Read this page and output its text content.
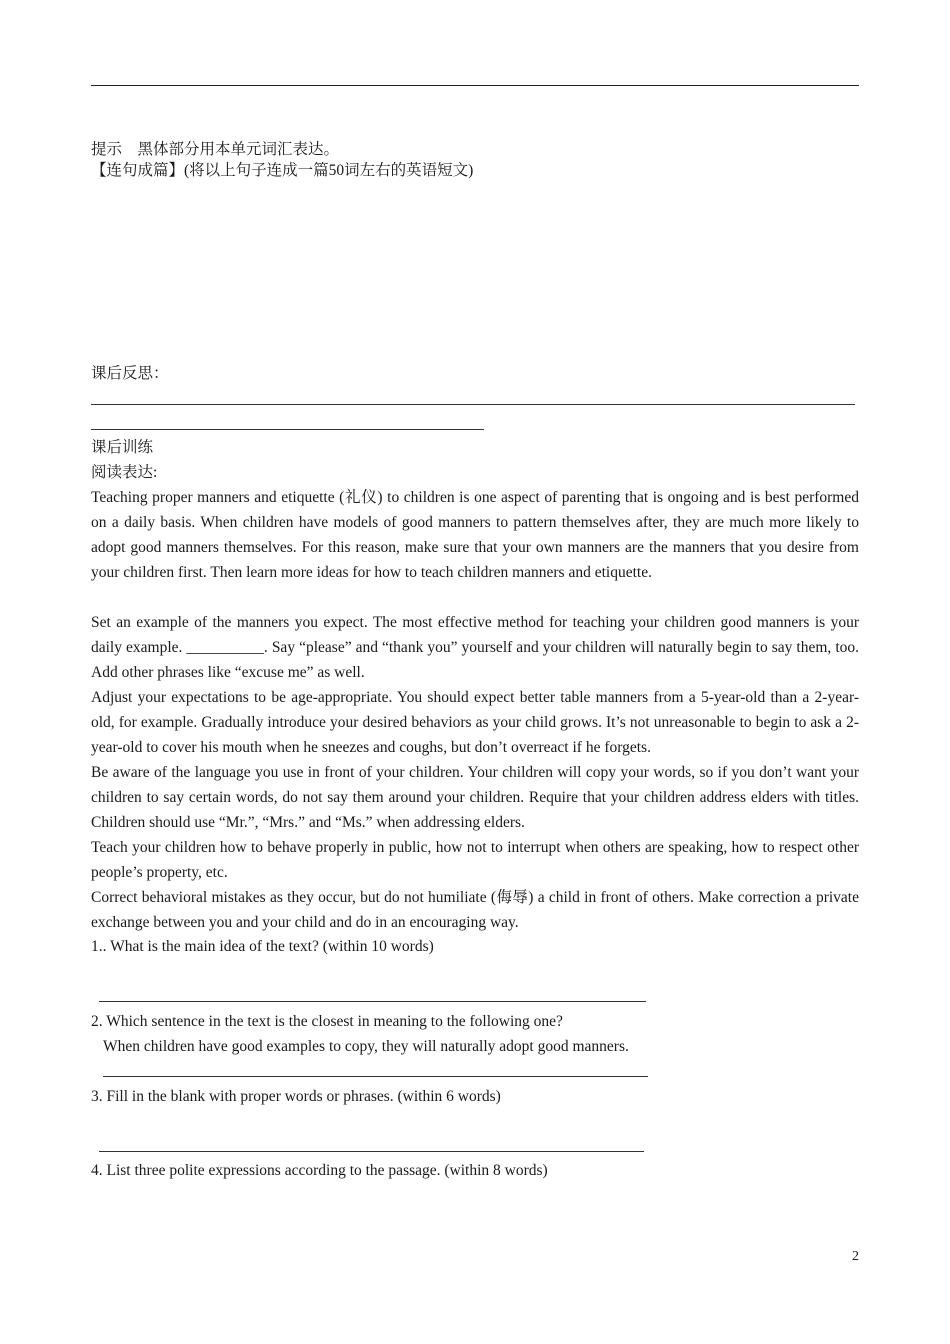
提示　黑体部分用本单元词汇表达。
【连句成篇】(将以上句子连成一篇50词左右的英语短文)
课后反思：
课后训练
阅读表达:
Teaching proper manners and etiquette (礼仪) to children is one aspect of parenting that is ongoing and is best performed on a daily basis. When children have models of good manners to pattern themselves after, they are much more likely to adopt good manners themselves. For this reason, make sure that your own manners are the manners that you desire from your children first. Then learn more ideas for how to teach children manners and etiquette.
Set an example of the manners you expect. The most effective method for teaching your children good manners is your daily example. __________. Say “please” and “thank you” yourself and your children will naturally begin to say them, too. Add other phrases like “excuse me” as well.
Adjust your expectations to be age-appropriate. You should expect better table manners from a 5-year-old than a 2-year-old, for example. Gradually introduce your desired behaviors as your child grows. It’s not unreasonable to begin to ask a 2-year-old to cover his mouth when he sneezes and coughs, but don’t overreact if he forgets.
Be aware of the language you use in front of your children. Your children will copy your words, so if you don’t want your children to say certain words, do not say them around your children. Require that your children address elders with titles. Children should use “Mr.”, “Mrs.” and “Ms.” when addressing elders.
Teach your children how to behave properly in public, how not to interrupt when others are speaking, how to respect other people’s property, etc.
Correct behavioral mistakes as they occur, but do not humiliate (侮辱) a child in front of others. Make correction a private exchange between you and your child and do in an encouraging way.
1.. What is the main idea of the text? (within 10 words)
2. Which sentence in the text is the closest in meaning to the following one?
When children have good examples to copy, they will naturally adopt good manners.
3. Fill in the blank with proper words or phrases. (within 6 words)
4. List three polite expressions according to the passage. (within 8 words)
2
